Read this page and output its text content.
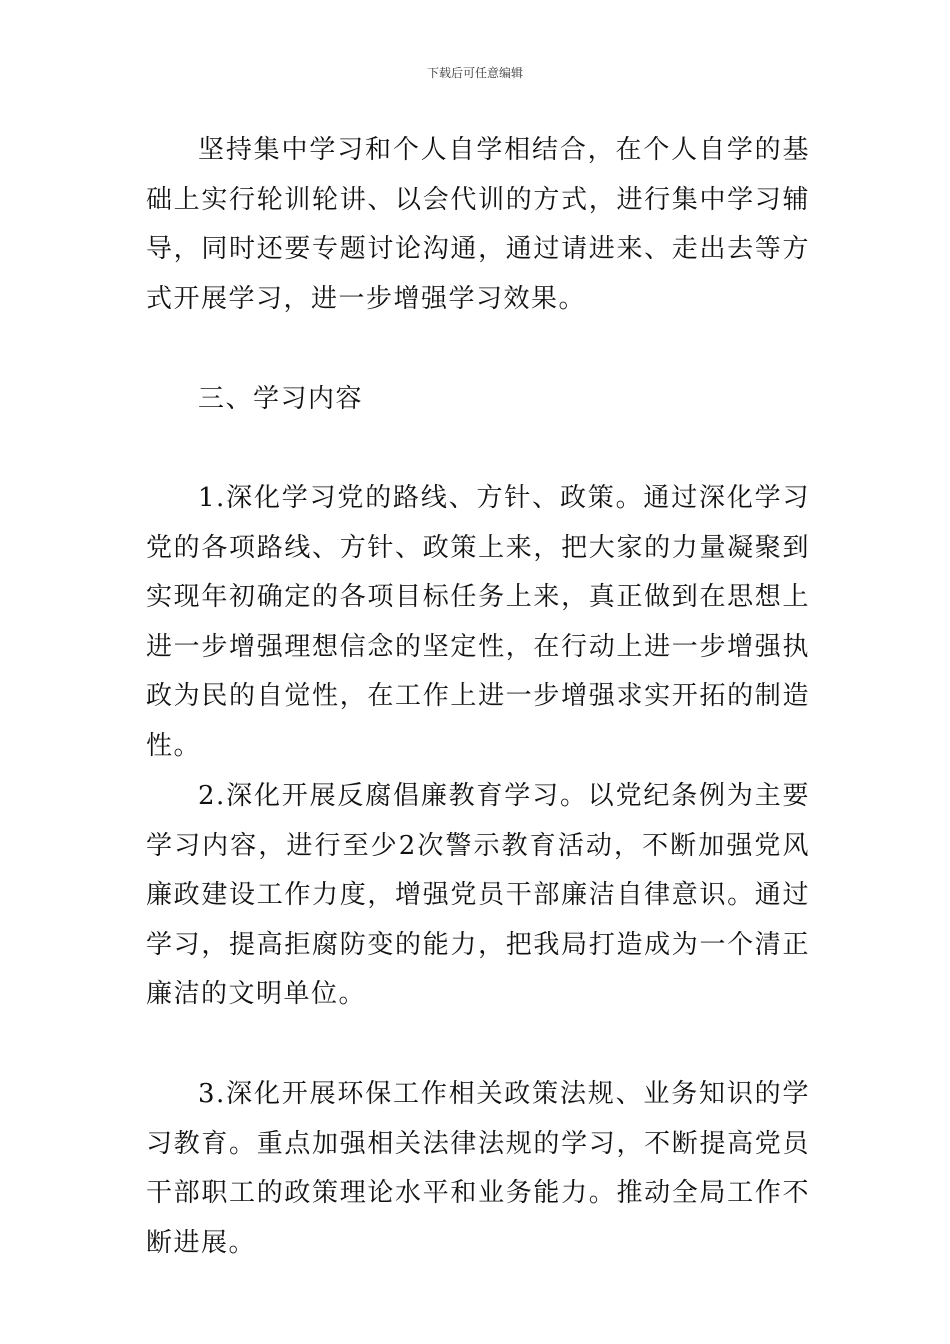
下载后可任意编辑

坚持集中学习和个人自学相结合，在个人自学的基础上实行轮训轮讲、以会代训的方式，进行集中学习辅导，同时还要专题讨论沟通，通过请进来、走出去等方式开展学习，进一步增强学习效果。

三、学习内容

1.深化学习党的路线、方针、政策。通过深化学习党的各项路线、方针、政策上来，把大家的力量凝聚到实现年初确定的各项目标任务上来，真正做到在思想上进一步增强理想信念的坚定性，在行动上进一步增强执政为民的自觉性，在工作上进一步增强求实开拓的制造性。

2.深化开展反腐倡廉教育学习。以党纪条例为主要学习内容，进行至少2次警示教育活动，不断加强党风廉政建设工作力度，增强党员干部廉洁自律意识。通过学习，提高拒腐防变的能力，把我局打造成为一个清正廉洁的文明单位。

3.深化开展环保工作相关政策法规、业务知识的学习教育。重点加强相关法律法规的学习，不断提高党员干部职工的政策理论水平和业务能力。推动全局工作不断进展。
